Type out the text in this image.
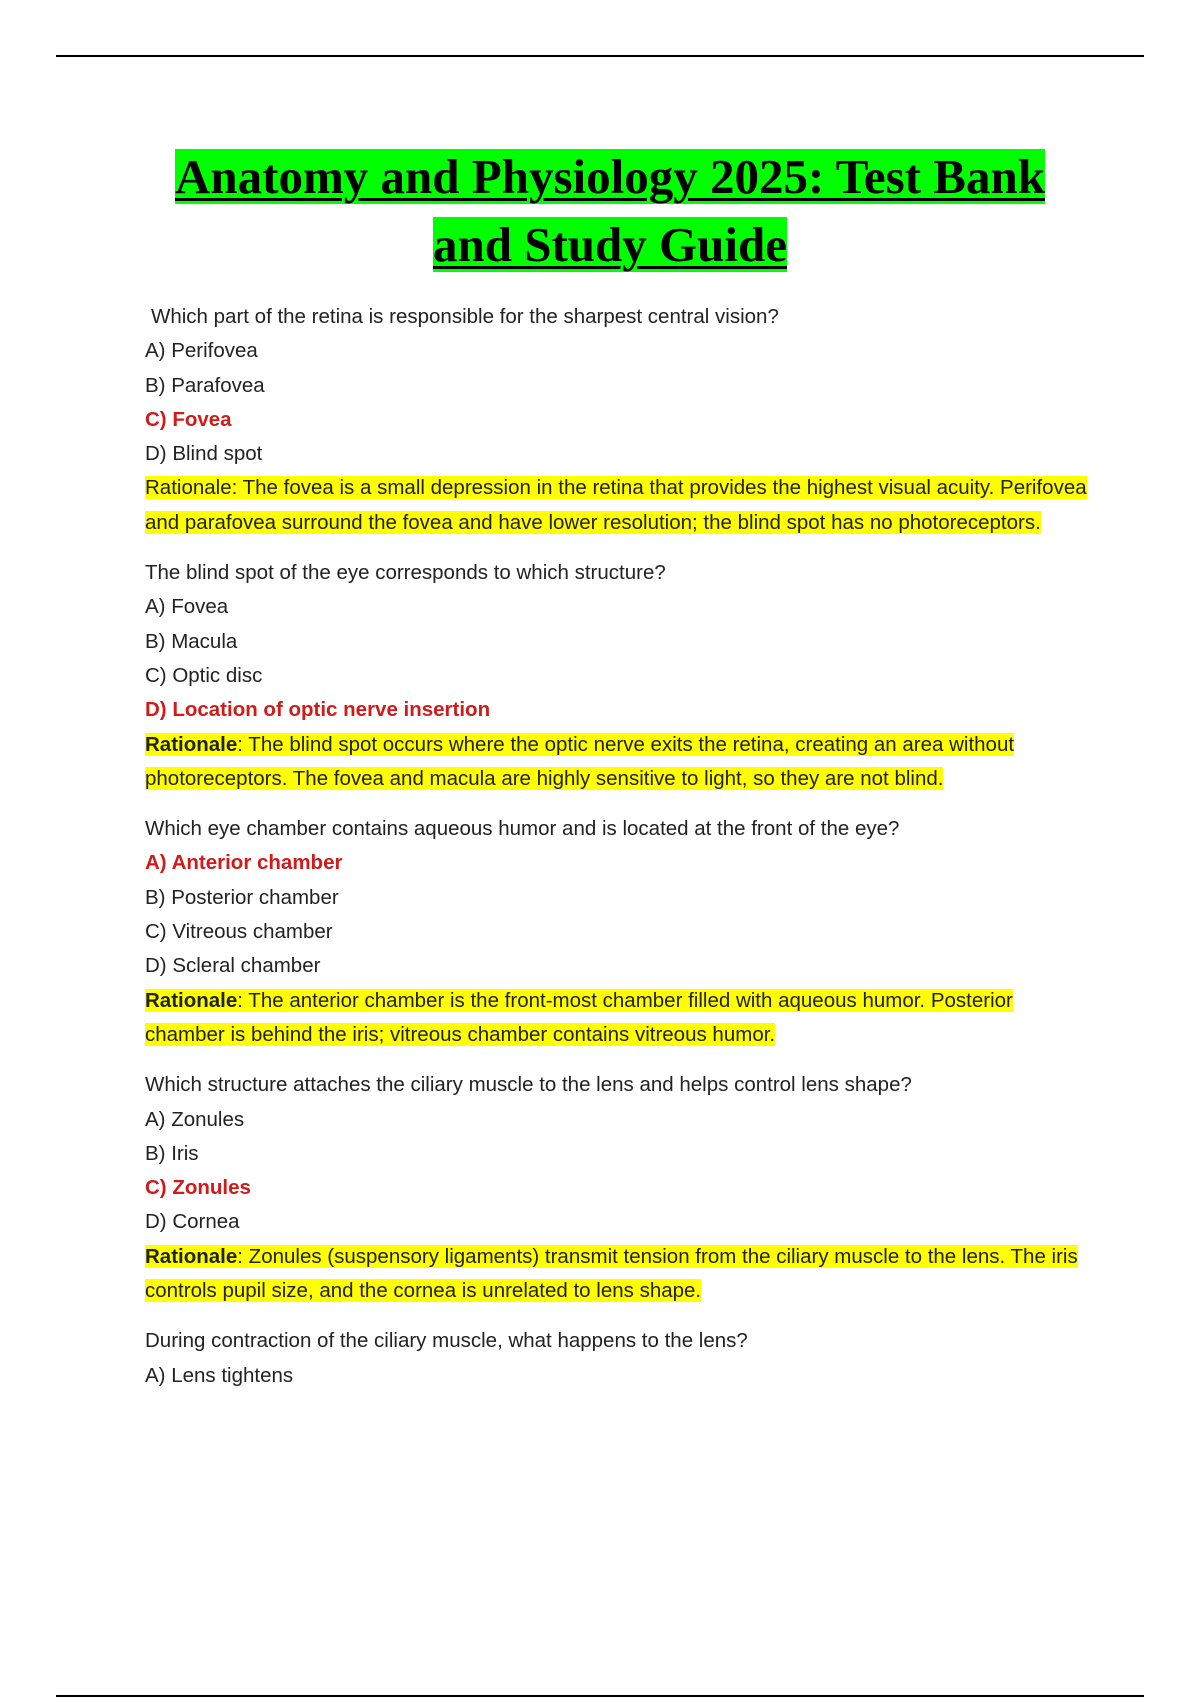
Anatomy and Physiology 2025: Test Bank
and Study Guide
Which part of the retina is responsible for the sharpest central vision?
A) Perifovea
B) Parafovea
C) Fovea
D) Blind spot
Rationale: The fovea is a small depression in the retina that provides the highest visual acuity. Perifovea and parafovea surround the fovea and have lower resolution; the blind spot has no photoreceptors.
The blind spot of the eye corresponds to which structure?
A) Fovea
B) Macula
C) Optic disc
D) Location of optic nerve insertion
Rationale: The blind spot occurs where the optic nerve exits the retina, creating an area without photoreceptors. The fovea and macula are highly sensitive to light, so they are not blind.
Which eye chamber contains aqueous humor and is located at the front of the eye?
A) Anterior chamber
B) Posterior chamber
C) Vitreous chamber
D) Scleral chamber
Rationale: The anterior chamber is the front-most chamber filled with aqueous humor. Posterior chamber is behind the iris; vitreous chamber contains vitreous humor.
Which structure attaches the ciliary muscle to the lens and helps control lens shape?
A) Zonules
B) Iris
C) Zonules
D) Cornea
Rationale: Zonules (suspensory ligaments) transmit tension from the ciliary muscle to the lens. The iris controls pupil size, and the cornea is unrelated to lens shape.
During contraction of the ciliary muscle, what happens to the lens?
A) Lens tightens
